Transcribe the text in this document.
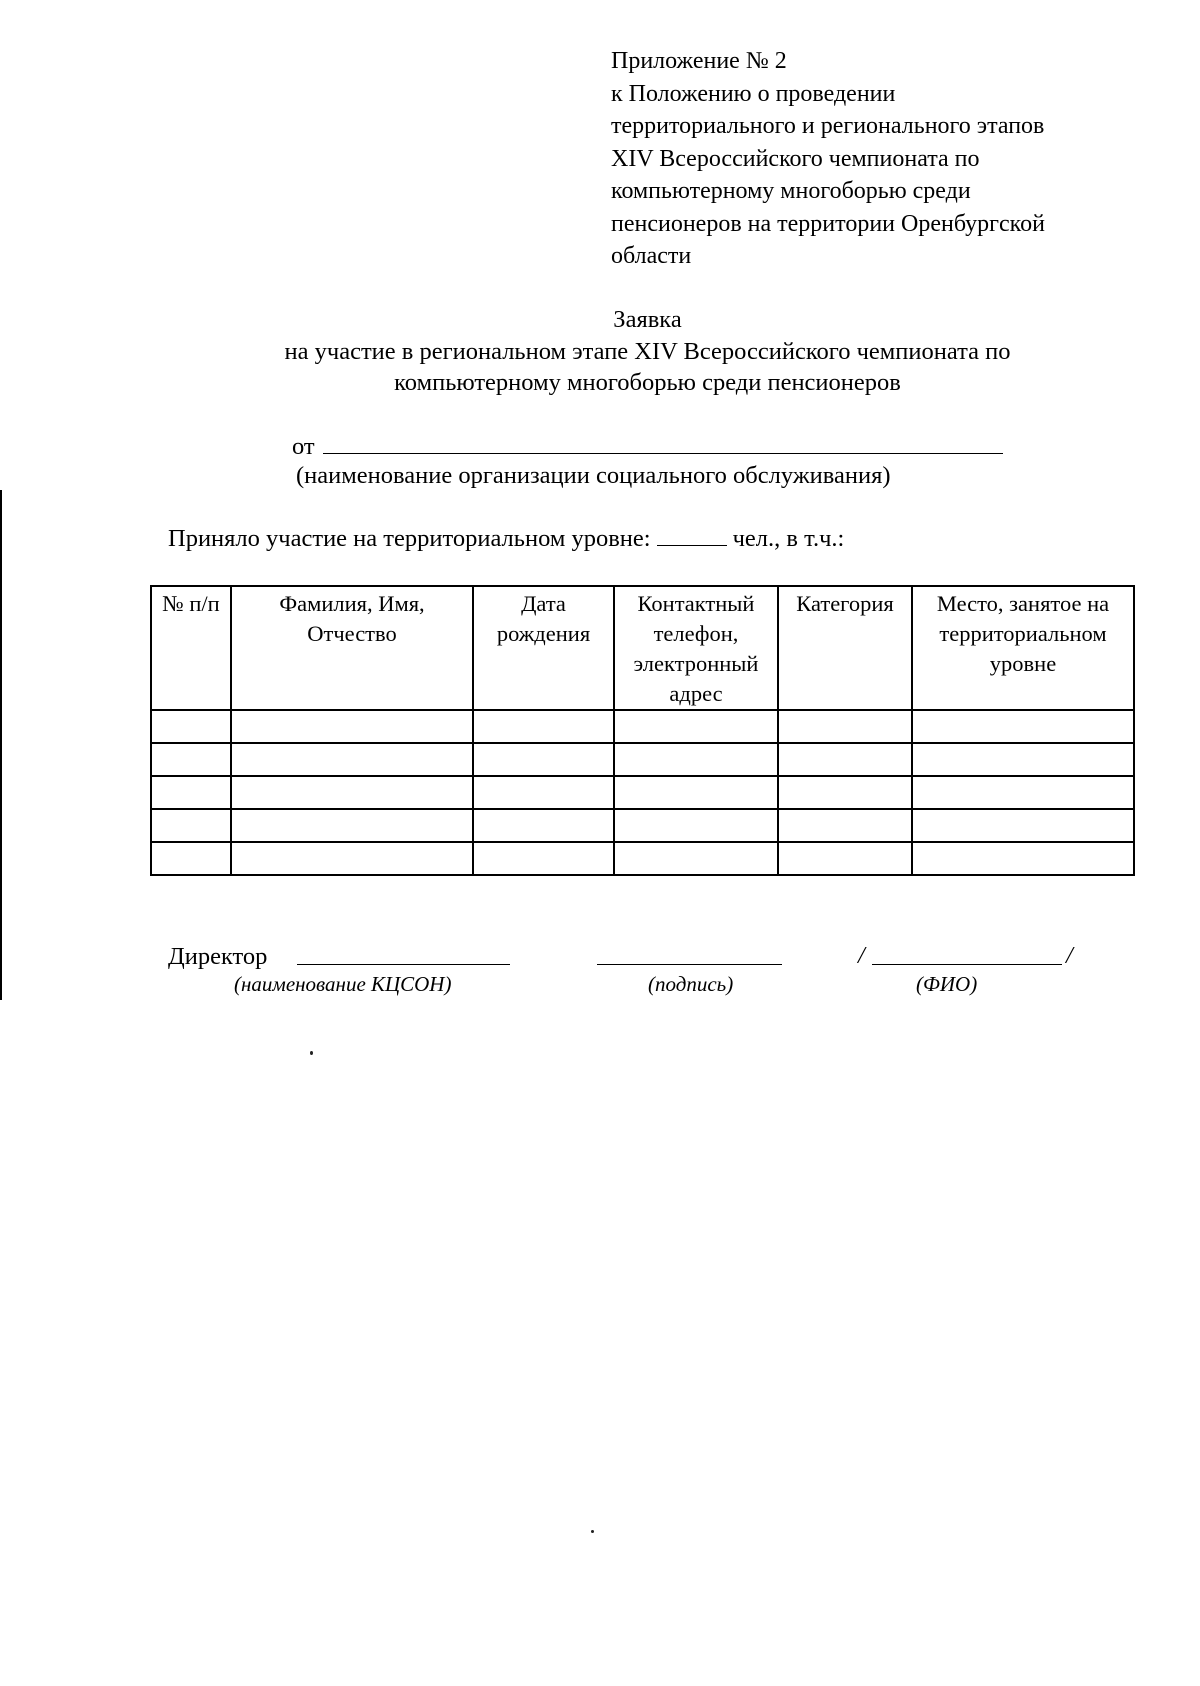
Приложение № 2
к Положению о проведении
территориального и регионального этапов
XIV Всероссийского чемпионата по
компьютерному многоборью среди
пенсионеров на территории Оренбургской
области
Заявка
на участие в региональном этапе XIV Всероссийского чемпионата по
компьютерному многоборью среди пенсионеров
от
(наименование организации социального обслуживания)
Приняло участие на территориальном уровне:	чел., в т.ч.:
№ п/п	Фамилия, Имя, Отчество	Дата рождения	Контактный телефон, электронный адрес	Категория	Место, занятое на территориальном уровне

Директор	/	/
(наименование КЦСОН)	(подпись)	(ФИО)
